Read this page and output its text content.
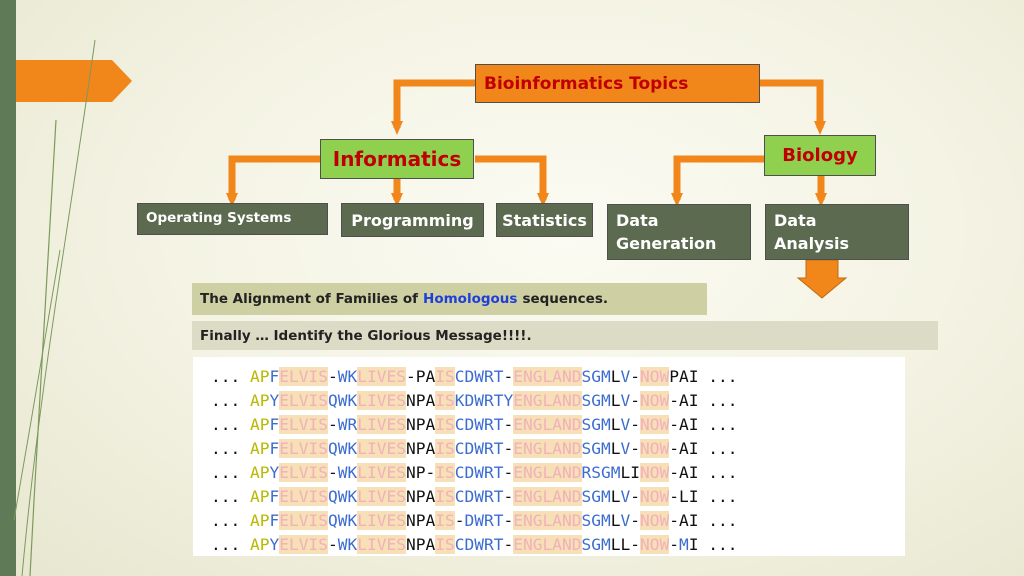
Bioinformatics Topics
Informatics	Biology
Operating Systems	Programming Statistics Data
Generation
Data
Analysis
The Alignment of Families of Homologous sequences.
Finally … Identify the Glorious Message!!!!.
... APFELVIS-WKLIVES-PAISCDWRT-ENGLANDSGMLV-NOWPAI ...
... APYELVISQWKLIVESNPAISKDWRTYENGLANDSGMLV-NOW-AI ...
... APFELVIS-WRLIVESNPAISCDWRT-ENGLANDSGMLV-NOW-AI ...
... APFELVISQWKLIVESNPAISCDWRT-ENGLANDSGMLV-NOW-AI ...
... APYELVIS-WKLIVESNP-ISCDWRT-ENGLANDRSGMLINOW-AI ...
... APFELVISQWKLIVESNPAISCDWRT-ENGLANDSGMLV-NOW-LI ...
... APFELVISQWKLIVESNPAIS-DWRT-ENGLANDSGMLV-NOW-AI ...
... APYELVIS-WKLIVESNPAISCDWRT-ENGLANDSGMLL-NOW-MI ...
